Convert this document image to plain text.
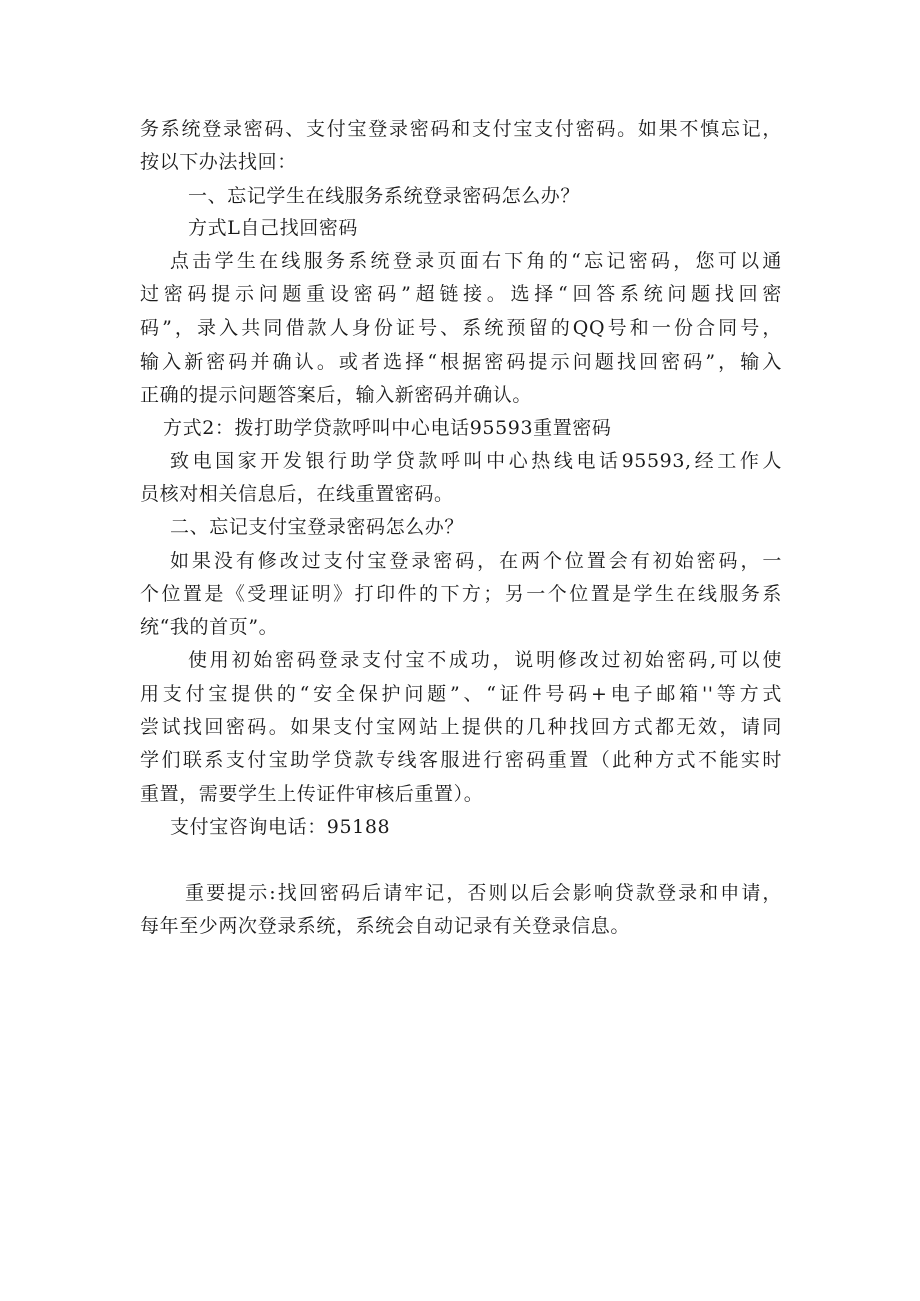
务系统登录密码、支付宝登录密码和支付宝支付密码。如果不慎忘记，
按以下办法找回：
一、忘记学生在线服务系统登录密码怎么办？
方式L自己找回密码
点击学生在线服务系统登录页面右下角的“忘记密码，您可以通
过密码提示问题重设密码”超链接。选择“回答系统问题找回密
码”，录入共同借款人身份证号、系统预留的QQ号和一份合同号，
输入新密码并确认。或者选择“根据密码提示问题找回密码”，输入
正确的提示问题答案后，输入新密码并确认。
方式2：拨打助学贷款呼叫中心电话95593重置密码
致电国家开发银行助学贷款呼叫中心热线电话95593,经工作人
员核对相关信息后，在线重置密码。
二、忘记支付宝登录密码怎么办？
如果没有修改过支付宝登录密码，在两个位置会有初始密码，一
个位置是《受理证明》打印件的下方；另一个位置是学生在线服务系
统“我的首页”。
使用初始密码登录支付宝不成功，说明修改过初始密码,可以使
用支付宝提供的“安全保护问题”、“证件号码+电子邮箱''等方式
尝试找回密码。如果支付宝网站上提供的几种找回方式都无效，请同
学们联系支付宝助学贷款专线客服进行密码重置（此种方式不能实时
重置，需要学生上传证件审核后重置）。
支付宝咨询电话：95188
重要提示:找回密码后请牢记，否则以后会影响贷款登录和申请，
每年至少两次登录系统，系统会自动记录有关登录信息。
